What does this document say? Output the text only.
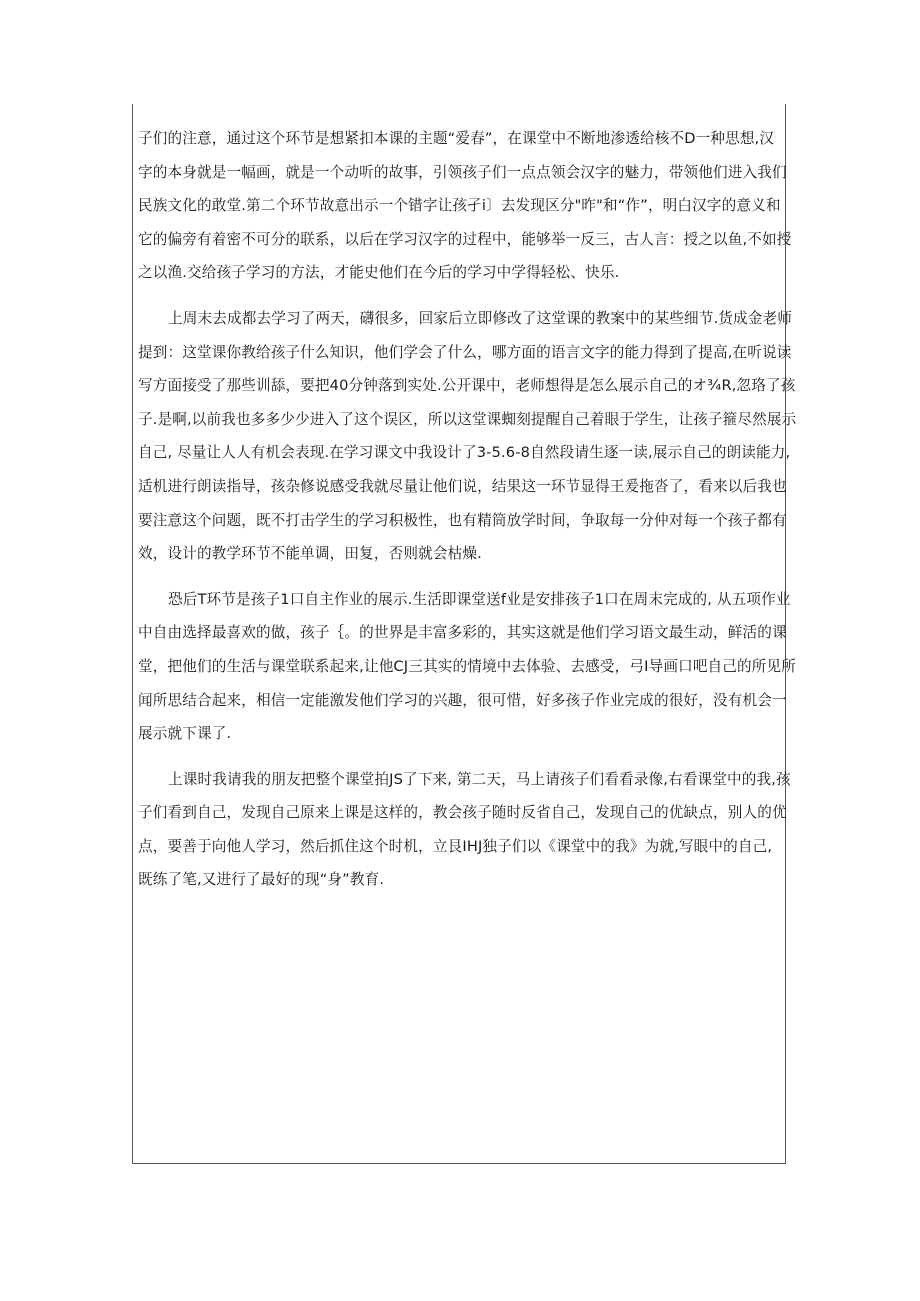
子们的注意，通过这个环节是想紧扣本课的主题“爱春”，在课堂中不断地渗透给核不D一种思想,汉
字的本身就是一幅画，就是一个动听的故事，引领孩子们一点点领会汉字的魅力，带领他们进入我们
民族文化的敢堂.第二个环节故意出示一个错字让孩孑i〕去发现区分"昨"和“作”，明白汉字的意义和
它的偏旁有着密不可分的联系，以后在学习汉字的过程中，能够举一反三，古人言：授之以鱼,不如授
之以渔.交给孩子学习的方法，才能史他们在今后的学习中学得轻松、快乐.

上周末去成都去学习了两天，礴很多，回家后立即修改了这堂课的教案中的某些细节.货成金老师
提到：这堂课你教给孩子什么知识，他们学会了什么，哪方面的语言文字的能力得到了提高,在听说读
写方面接受了那些训舔，要把40分钟落到实处.公开课中，老师想得是怎么展示自己的オ¾R,忽珞了孩
子.是啊,以前我也多多少少进入了这个误区，所以这堂课蜘刻提醒自己着眼于学生，让孩子箍尽然展示
自己, 尽量让人人有机会表现.在学习课文中我设计了3-5.6-8自然段请生逐一读,展示自己的朗读能力,
适机进行朗读指导，孩杂修说感受我就尽量让他们说，结果这一环节显得王爰拖沓了，看来以后我也
要注意这个问题，既不打击学生的学习积极性，也有精筒放学时间，争取每一分仲对每一个孩子都有
效，设计的教学环节不能单调，田复，否则就会枯燥.

恐后T环节是孩子1口自主作业的展示.生活即课堂送f业是安排孩子1口在周末完成的, 从五项作业
中自由选择最喜欢的做，孩子｛。的世界是丰富多彩的，其实这就是他们学习语文最生动，鲜活的课
堂，把他们的生活与课堂联系起来,让他CJ三其实的情境中去体验、去感受，弓I导画口吧自己的所见所
闻所思结合起来，相信一定能激发他们学习的兴趣，很可惜，好多孩子作业完成的很好，没有机会一
展示就下课了.

上课时我请我的朋友把整个课堂拍JS了下来, 第二天，马上请孩子们看看录像,右看课堂中的我,孩
子们看到自己，发现自己原来上课是这样的，教会孩子随时反省自己，发现自己的优缺点，别人的优
点，要善于向他人学习，然后抓住这个时机，立艮IHJ独子们以《课堂中的我》为就,写眼中的自己,
既练了笔,又进行了最好的现“身”教育.
